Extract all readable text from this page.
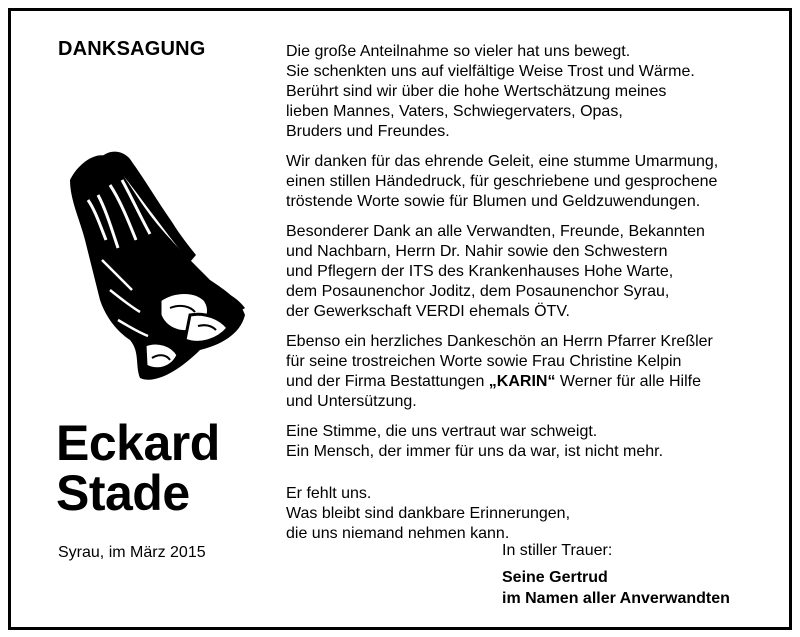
DANKSAGUNG
Eckard
Stade
Syrau, im März 2015

Die große Anteilnahme so vieler hat uns bewegt.
Sie schenkten uns auf vielfältige Weise Trost und Wärme.
Berührt sind wir über die hohe Wertschätzung meines
lieben Mannes, Vaters, Schwiegervaters, Opas,
Bruders und Freundes.

Wir danken für das ehrende Geleit, eine stumme Umarmung,
einen stillen Händedruck, für geschriebene und gesprochene
tröstende Worte sowie für Blumen und Geldzuwendungen.

Besonderer Dank an alle Verwandten, Freunde, Bekannten
und Nachbarn, Herrn Dr. Nahir sowie den Schwestern
und Pflegern der ITS des Krankenhauses Hohe Warte,
dem Posaunenchor Joditz, dem Posaunenchor Syrau,
der Gewerkschaft VERDI ehemals ÖTV.

Ebenso ein herzliches Dankeschön an Herrn Pfarrer Kreßler
für seine trostreichen Worte sowie Frau Christine Kelpin
und der Firma Bestattungen „KARIN“ Werner für alle Hilfe
und Untersützung.

Eine Stimme, die uns vertraut war schweigt.
Ein Mensch, der immer für uns da war, ist nicht mehr.

Er fehlt uns.
Was bleibt sind dankbare Erinnerungen,
die uns niemand nehmen kann.

In stiller Trauer:
Seine Gertrud
im Namen aller Anverwandten
